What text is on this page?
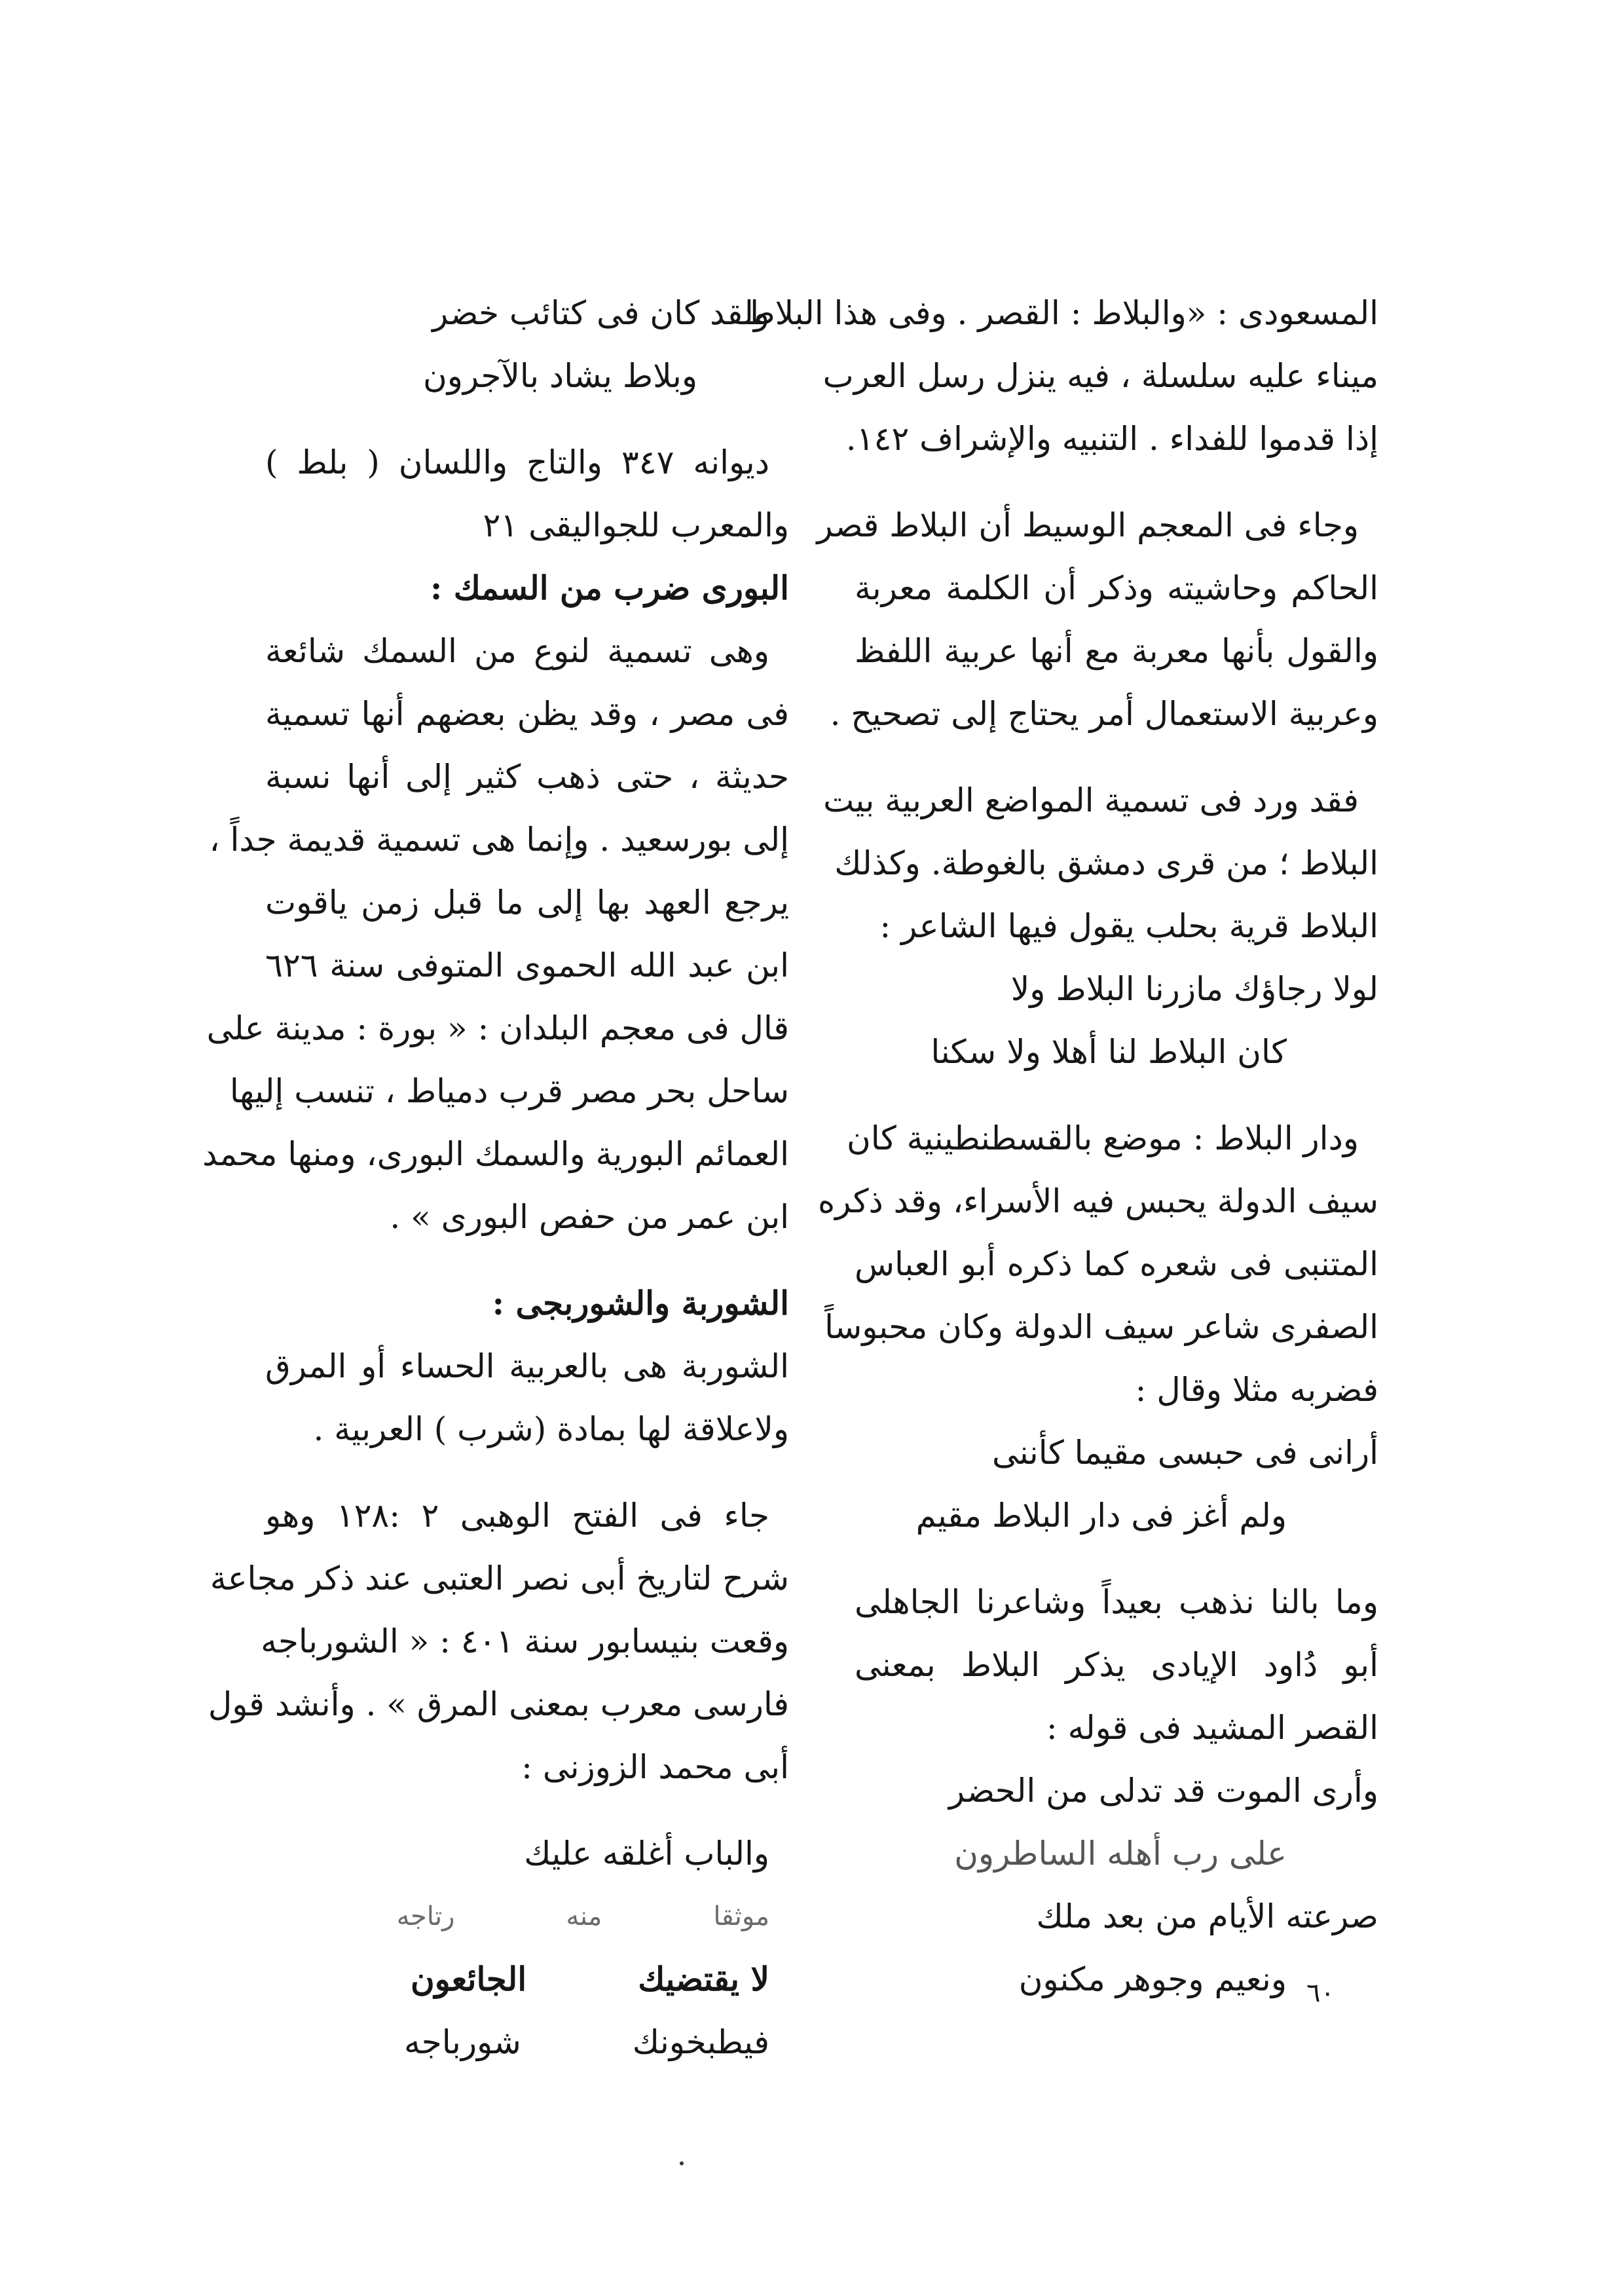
المسعودى : «والبلاط : القصر . وفى هذا البلاط
ميناء عليه سلسلة ، فيه ينزل رسل العرب
إذا قدموا للفداء . التنبيه والإشراف ١٤٢.
وجاء فى المعجم الوسيط أن البلاط قصر
الحاكم وحاشيته وذكر أن الكلمة معربة
والقول بأنها معربة مع أنها عربية اللفظ
وعربية الاستعمال أمر يحتاج إلى تصحيح .
فقد ورد فى تسمية المواضع العربية بيت
البلاط ؛ من قرى دمشق بالغوطة. وكذلك
البلاط قرية بحلب يقول فيها الشاعر :
لولا رجاؤك مازرنا البلاط ولا
كان البلاط لنا أهلا ولا سكنا
ودار البلاط : موضع بالقسطنطينية كان
سيف الدولة يحبس فيه الأسراء، وقد ذكره
المتنبى فى شعره كما ذكره أبو العباس
الصفرى شاعر سيف الدولة وكان محبوساً
فضربه مثلا وقال :
أرانى فى حبسى مقيما كأننى
ولم أغز فى دار البلاط مقيم
وما بالنا نذهب بعيداً وشاعرنا الجاهلى
أبو دُاود الإيادى يذكر البلاط بمعنى
القصر المشيد فى قوله :
وأرى الموت قد تدلى من الحضر
على رب أهله الساطرون
صرعته الأيام من بعد ملك
ونعيم وجوهر مكنون
ولقد كان فى كتائب خضر
وبلاط يشاد بالآجرون
ديوانه ٣٤٧ والتاج واللسان ( بلط )
والمعرب للجواليقى ٢١
البورى ضرب من السمك :
وهى تسمية لنوع من السمك شائعة
فى مصر ، وقد يظن بعضهم أنها تسمية
حديثة ، حتى ذهب كثير إلى أنها نسبة
إلى بورسعيد . وإنما هى تسمية قديمة جداً ،
يرجع العهد بها إلى ما قبل زمن ياقوت
ابن عبد الله الحموى المتوفى سنة ٦٢٦
قال فى معجم البلدان : « بورة : مدينة على
ساحل بحر مصر قرب دمياط ، تنسب إليها
العمائم البورية والسمك البورى، ومنها محمد
ابن عمر من حفص البورى » .
الشوربة والشوربجى :
الشوربة هى بالعربية الحساء أو المرق
ولاعلاقة لها بمادة (شرب ) العربية .
جاء فى الفتح الوهبى ٢ :١٢٨ وهو
شرح لتاريخ أبى نصر العتبى عند ذكر مجاعة
وقعت بنيسابور سنة ٤٠١ : « الشورباجه
فارسى معرب بمعنى المرق » . وأنشد قول
أبى محمد الزوزنى :
والباب أغلقه عليك
موثقا
منه
رتاجه
لا يقتضيك
الجائعون
فيطبخونك
شورباجه
٦٠
